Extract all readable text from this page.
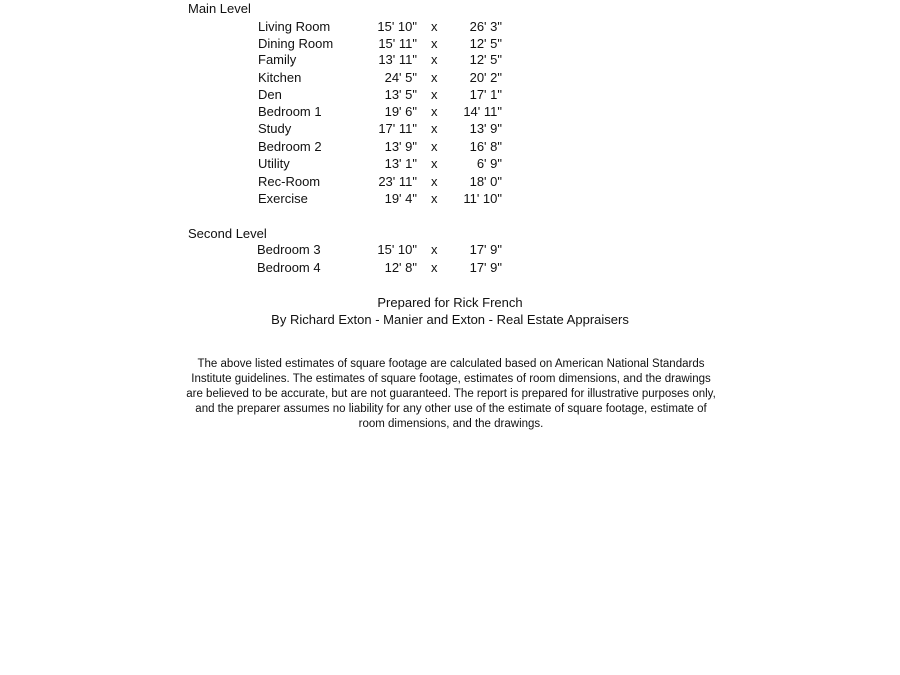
Main Level
Living Room	15' 10" x 26' 3"
Dining Room	15' 11" x 12' 5"
Family	13' 11" x 12' 5"
Kitchen	24' 5" x 20' 2"
Den	13' 5" x 17' 1"
Bedroom 1	19' 6" x 14' 11"
Study	17' 11" x 13' 9"
Bedroom 2	13' 9" x 16' 8"
Utility	13' 1" x	6' 9"
Rec-Room	23' 11" x 18' 0"
Exercise	19' 4" x 11' 10"
Second Level
Bedroom 3	15' 10" x 17' 9"
Bedroom 4	12' 8" x 17' 9"
Prepared for Rick French
By Richard Exton - Manier and Exton - Real Estate Appraisers
The above listed estimates of square footage are calculated based on American National Standards Institute guidelines. The estimates of square footage, estimates of room dimensions, and the drawings are believed to be accurate, but are not guaranteed. The report is prepared for illustrative purposes only, and the preparer assumes no liability for any other use of the estimate of square footage, estimate of room dimensions, and the drawings.
